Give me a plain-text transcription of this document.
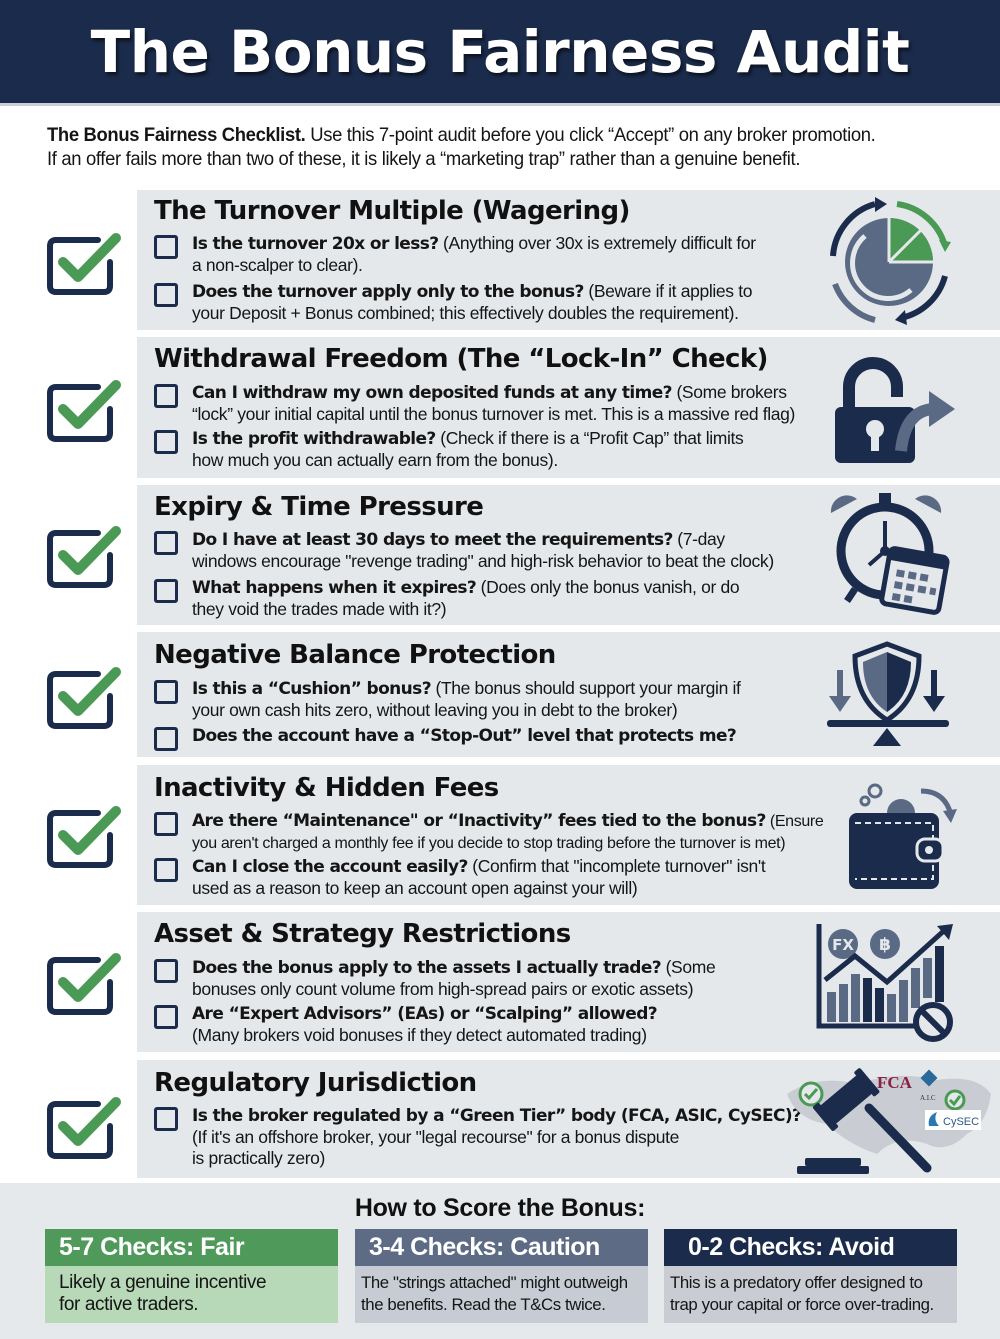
The Bonus Fairness Audit
The Bonus Fairness Checklist. Use this 7-point audit before you click “Accept” on any broker promotion.
If an offer fails more than two of these, it is likely a “marketing trap” rather than a genuine benefit.
The Turnover Multiple (Wagering)
Is the turnover 20x or less? (Anything over 30x is extremely difficult for
a non-scalper to clear).
Does the turnover apply only to the bonus? (Beware if it applies to
your Deposit + Bonus combined; this effectively doubles the requirement).
Withdrawal Freedom (The “Lock-In” Check)
Can I withdraw my own deposited funds at any time? (Some brokers
“lock” your initial capital until the bonus turnover is met. This is a massive red flag)
Is the profit withdrawable? (Check if there is a “Profit Cap” that limits
how much you can actually earn from the bonus).
Expiry & Time Pressure
Do I have at least 30 days to meet the requirements? (7-day
windows encourage "revenge trading" and high-risk behavior to beat the clock)
What happens when it expires? (Does only the bonus vanish, or do
they void the trades made with it?)
Negative Balance Protection
Is this a “Cushion” bonus? (The bonus should support your margin if
your own cash hits zero, without leaving you in debt to the broker)
Does the account have a “Stop-Out” level that protects me?
Inactivity & Hidden Fees
Are there “Maintenance" or “Inactivity” fees tied to the bonus? (Ensure
you aren't charged a monthly fee if you decide to stop trading before the turnover is met)
Can I close the account easily? (Confirm that "incomplete turnover" isn't
used as a reason to keep an account open against your will)
Asset & Strategy Restrictions
Does the bonus apply to the assets I actually trade? (Some
bonuses only count volume from high-spread pairs or exotic assets)
Are “Expert Advisors” (EAs) or “Scalping” allowed?
(Many brokers void bonuses if they detect automated trading)
FX ฿
Regulatory Jurisdiction
Is the broker regulated by a “Green Tier” body (FCA, ASIC, CySEC)?
(If it's an offshore broker, your "legal recourse" for a bonus dispute
is practically zero)
FCA
A.I.C
CySEC
How to Score the Bonus:
5-7 Checks: Fair
Likely a genuine incentive
for active traders.
3-4 Checks: Caution
The "strings attached" might outweigh
the benefits. Read the T&Cs twice.
0-2 Checks: Avoid
This is a predatory offer designed to
trap your capital or force over-trading.
